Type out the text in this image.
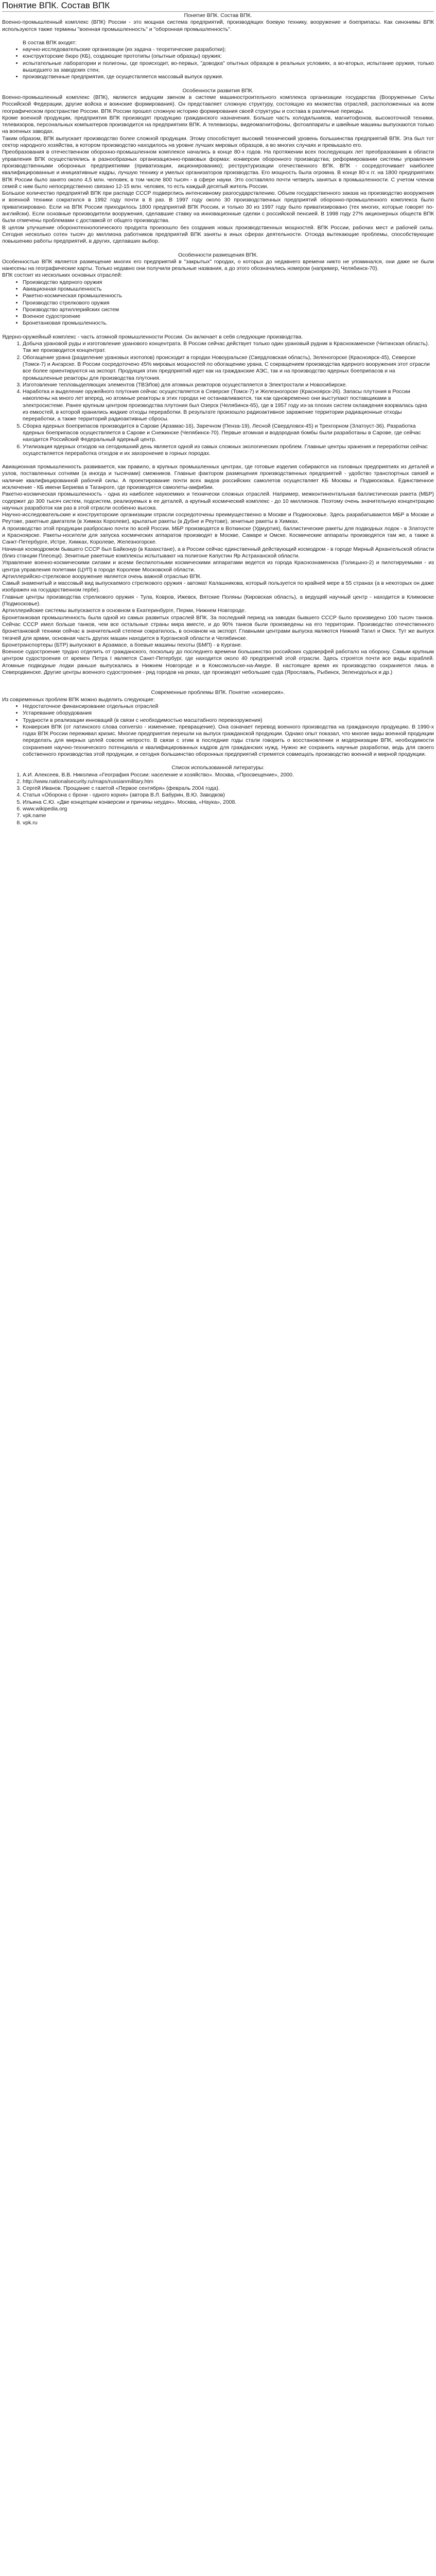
Понятие ВПК. Состав ВПК

Понятие ВПК. Состав ВПК.

Военно-промышленный комплекс (ВПК) России - это мощная система предприятий, производящих боевую технику, вооружение и боеприпасы. Как синонимы ВПК используются также термины "военная промышленность" и "оборонная промышленность".

В состав ВПК входят:

• научно-исследовательские организации (их задача - теоретические разработки);
• конструкторские бюро (КБ), создающие прототипы (опытные образцы) оружия;
• испытательные лаборатории и полигоны, где происходит, во-первых, "доводка" опытных образцов в реальных условиях, а во-вторых, испытание оружия, только вышедшего за заводских стен;
• производственные предприятия, где осуществляется массовый выпуск оружия.

Особенности развития ВПК.

Военно-промышленный комплекс (ВПК), являются ведущим звеном в системе машиностроительного комплекса организации государства (Вооруженные Силы Российской Федерации, другие войска и воинские формирования). Он представляет сложную структуру, состоящую из множества отраслей, расположенных на всем географическом пространстве России. ВПК России прошел сложную историю формирования своей структуры и состава в различные периоды.

Кроме военной продукции, предприятия ВПК производят продукцию гражданского назначения. Больше часть холодильников, магнитофонов, высокоточной техники, телевизоров, персональных компьютеров производится на предприятиях ВПК. А телевизоры, видеомагнитофоны, фотоаппараты и швейные машины выпускаются только на военных заводах.

Таким образом, ВПК выпускает производство более сложной продукции. Этому способствует высокий технический уровень большинства предприятий ВПК. Эта был тот сектор народного хозяйства, в котором производство находилось на уровне лучших мировых образцов, а во многих случаях и превышало его.

Преобразования в отечественном оборонно-промышленном комплексе начались в конце 80-х годов. На протяжении всех последующих лет преобразования в области управления ВПК осуществлялись в разнообразных организационно-правовых формах: конверсии оборонного производства; реформировании системы управления производственными оборонных предприятиями (приватизации, акционированию); реструктуризации отечественного ВПК. ВПК - сосредоточивает наиболее квалифицированные и инициативные кадры, лучшую технику и умелых организаторов производства. Его мощность была огромна. В конце 80-х гг. на 1800 предприятиях ВПК России было занято около 4,5 млн. человек, в том числе 800 тысяч - в сфере науки. Это составляло почти четверть занятых в промышленности. С учетом членов семей с ним было непосредственно связано 12-15 млн. человек, то есть каждый десятый житель России.

Большое количество предприятий ВПК при распаде СССР подверглись интенсивному разгосударствлению. Объем государственного заказа на производство вооружения и военной техники сократился в 1992 году почти в 8 раз. В 1997 году около 30 производственных предприятий оборонно-промышленного комплекса было приватизировано. Если на ВПК России приходилось 1800 предприятий ВПК России, и только 30 из 1997 году было приватизировано (тех многих, которые говорят по-английски). Если основные производители вооружения, сделавшие ставку на инновационные сделки с российской пенсией. В 1998 году 27% акционерных обществ ВПК были отмечены проблемами с доставкой от общего производства.

В целом улучшение оборонотехнологического продукта произошло без создания новых производственных мощностей. ВПК России, рабочих мест и рабочей силы. Сегодня несколько сотен тысяч до миллиона работников предприятий ВПК заняты в иных сферах деятельности. Отсюда вытекающие проблемы, способствующие повышению работы предприятий, в других, сделавших выбор.

Особенности размещения ВПК.

Особенностью ВПК является размещение многих его предприятий в "закрытых" городах, о которых до недавнего времени никто не упоминался, они даже не были нанесены на географические карты. Только недавно они получили реальные названия, а до этого обозначались номером (например, Челябинск-70).

ВПК состоит из нескольких основных отраслей:

• Производство ядерного оружия
• Авиационная промышленность
• Ракетно-космическая промышленность
• Производство стрелкового оружия
• Производство артиллерийских систем
• Военное судостроение
• Бронетанковая промышленность.

Ядерно-оружейный комплекс - часть атомной промышленности России. Он включает в себя следующие производства.

1. Добыча урановой руды и изготовление уранового концентрата. В России сейчас действует только один урановый рудник в Краснокаменске (Читинская область). Так же производится концентрат.
2. Обогащение урана (разделение урановых изотопов) происходит в городах Новоуральске (Свердловская область), Зеленогорске (Красноярск-45), Северске (Томск-7) и Ангарске. В России сосредоточено 45% мировых мощностей по обогащению урана. С сокращением производства ядерного вооружения этот отрасли все более ориентируются на экспорт. Продукция этих предприятий идет как на гражданские АЭС, так и на производство ядерных боеприпасов и на промышленные реакторы для производства плутония.
3. Изготовление тепловыделяющих элементов (ТВЭЛов) для атомных реакторов осуществляется в Электростали и Новосибирске.
4. Наработка и выделение оружейного плутония сейчас осуществляется в Северске (Томск-7) и Железногорске (Красноярск-26). Запасы плутония в России накоплены на много лет вперед, но атомные реакторы в этих городах не останавливаются, так как одновременно они выступают поставщиками в электросистеме. Ранее крупным центром производства плутония был Озерск (Челябинск-65), где в 1957 году из-за плохих систем охлаждения взорвалась одна из емкостей, в которой хранились жидкие отходы переработки. В результате произошло радиоактивное заражение территории радиационные отходы переработки, а также территорий радиоактивные сбросы.
5. Сборка ядерных боеприпасов производится в Сарове (Арзамас-16), Заречном (Пенза-19), Лесной (Свердловск-45) и Трехгорном (Златоуст-36). Разработка ядерных боеприпасов осуществляется в Сарове и Снежинске (Челябинск-70). Первые атомная и водородная бомбы были разработаны в Сарове, где сейчас находится Российский Федеральный ядерный центр.
6. Утилизация ядерных отходов на сегодняшний день является одной из самых сложных экологических проблем. Главные центры хранения и переработки сейчас осуществляется переработка отходов и их захоронение в горных породах.

Авиационная промышленность развивается, как правило, в крупных промышленных центрах, где готовые изделия собираются на головных предприятиях из деталей и узлов, поставленных сотнями (а иногда и тысячами) смежников. Главные фактором размещения производственных предприятий - удобство транспортных связей и наличие квалифицированной рабочей силы. А проектирование почти всех видов российских самолетов осуществляет КБ Москвы и Подмосковья. Единственное исключение - КБ имени Бериева в Таганроге, где производятся самолеты-амфибии.

Ракетно-космическая промышленность - одна из наиболее наукоемких и технически сложных отраслей. Например, межконтинентальная баллистическая ракета (МБР) содержит до 300 тысяч систем, подсистем, реализуемых в ее деталей, а крупный космический комплекс - до 10 миллионов. Поэтому очень значительную концентрацию научных разработок как раз в этой отрасли особенно высока.

Научно-исследовательские и конструкторские организации отрасли сосредоточены преимущественно в Москве и Подмосковье. Здесь разрабатываются МБР в Москве и Реутове, ракетные двигатели (в Химках Королеве), крылатые ракеты (в Дубне и Реутове), зенитные ракеты в Химках.

А производство этой продукции разбросано почти по всей России. МБР производятся в Воткинске (Удмуртия), баллистические ракеты для подводных лодок - в Златоусте и Красноярске. Ракеты-носители для запуска космических аппаратов производят в Москве, Самаре и Омске. Космические аппараты производятся там же, а также в Санкт-Петербурге, Истре, Химках, Королеве, Железногорске.

Начиная космодромом бывшего СССР был Байконур (в Казахстане), а в России сейчас единственный действующий космодром - в городе Мирный Архангельской области (близ станции Плесецк). Зенитные ракетные комплексы испытывают на полигоне Капустин Яр Астраханской области.

Управление военно-космическими силами и всеми беспилотными космическими аппаратами ведется из города Краснознаменска (Голицыно-2) и пилотируемыми - из центра управления полетами (ЦУП) в городе Королеве Московской области.

Артиллерийско-стрелковое вооружение является очень важной отраслью ВПК.

Самый знаменитый и массовый вид выпускаемого стрелкового оружия - автомат Калашникова, который пользуется по крайней мере в 55 странах (а в некоторых он даже изображен на государственном гербе).

Главные центры производства стрелкового оружия - Тула, Ковров, Ижевск, Вятские Поляны (Кировская область), а ведущий научный центр - находится в Климовске (Подмосковье).

Артиллерийские системы выпускаются в основном в Екатеринбурге, Перми, Нижнем Новгороде.

Бронетанковая промышленность была одной из самых развитых отраслей ВПК. За последний период на заводах бывшего СССР было произведено 100 тысяч танков. Сейчас СССР имел больше танков, чем все остальные страны мира вместе, и до 90% танков были произведены на его территории. Производство отечественного бронетанковой техники сейчас в значительной степени сократилось, в основном на экспорт. Главными центрами выпуска являются Нижний Тагил и Омск. Тут же выпуск тягачей для армии, основная часть других машин находится в Курганской области и Челябинске.

Бронетранспортеры (БТР) выпускают в Арзамасе, а боевые машины пехоты (БМП) - в Кургане.

Военное судостроение трудно отделить от гражданского, поскольку до последнего времени большинство российских судоверфей работало на оборону. Самым крупным центром судостроения от времен Петра I является Санкт-Петербург, где находится около 40 предприятий этой отрасли. Здесь строятся почти все виды кораблей. Атомные подводные лодки раньше выпускались в Нижнем Новгороде и в Комсомольске-на-Амуре. В настоящее время их производство сохраняется лишь в Северодвинске. Другие центры военного судостроения - ряд городов на реках, где производят небольшие суда (Ярославль, Рыбинск, Зеленодольск и др.)

Современные проблемы ВПК. Понятие «конверсия».

Из современных проблем ВПК можно выделить следующие:

• Недостаточное финансирование отдельных отраслей
• Устаревание оборудования
• Трудности в реализации инноваций (в связи с необходимостью масштабного перевооружения)
• Конверсия ВПК (от латинского слова conversio - изменение, превращение). Она означает перевод военного производства на гражданскую продукцию. В 1990-х годах ВПК России переживал кризис. Многие предприятия перешли на выпуск гражданской продукции. Однако опыт показал, что многие виды военной продукции переделать для мирных целей совсем непросто. В связи с этим в последние годы стали говорить о восстановлении и модернизации ВПК, необходимости сохранения научно-технического потенциала и квалифицированных кадров для гражданских нужд. Нужно же сохранить научные разработки, ведь для своего собственного производства этой продукции, и сегодня большинство оборонных предприятий стремятся совмещать производство военной и мирной продукции.

Список использованной литературы:

1. А.И. Алексеев, В.В. Николина «География России: население и хозяйство». Москва, «Просвещение», 2000.
2. http://www.nationalsecurity.ru/maps/russianmilitary.htm
3. Сергей Иванов. Прощание с газетой «Первое сентября» (февраль 2004 года).
4. Статья «Оборона с брони - одного корня» (автора В.Л. Бабурин, В.Ю. Заводков)
5. Ильина С.Ю. «Две концепции конверсии и причины неудач». Москва, «Наука», 2008.
6. www.wikipedia.org
7. vpk.name
8. vpk.ru
